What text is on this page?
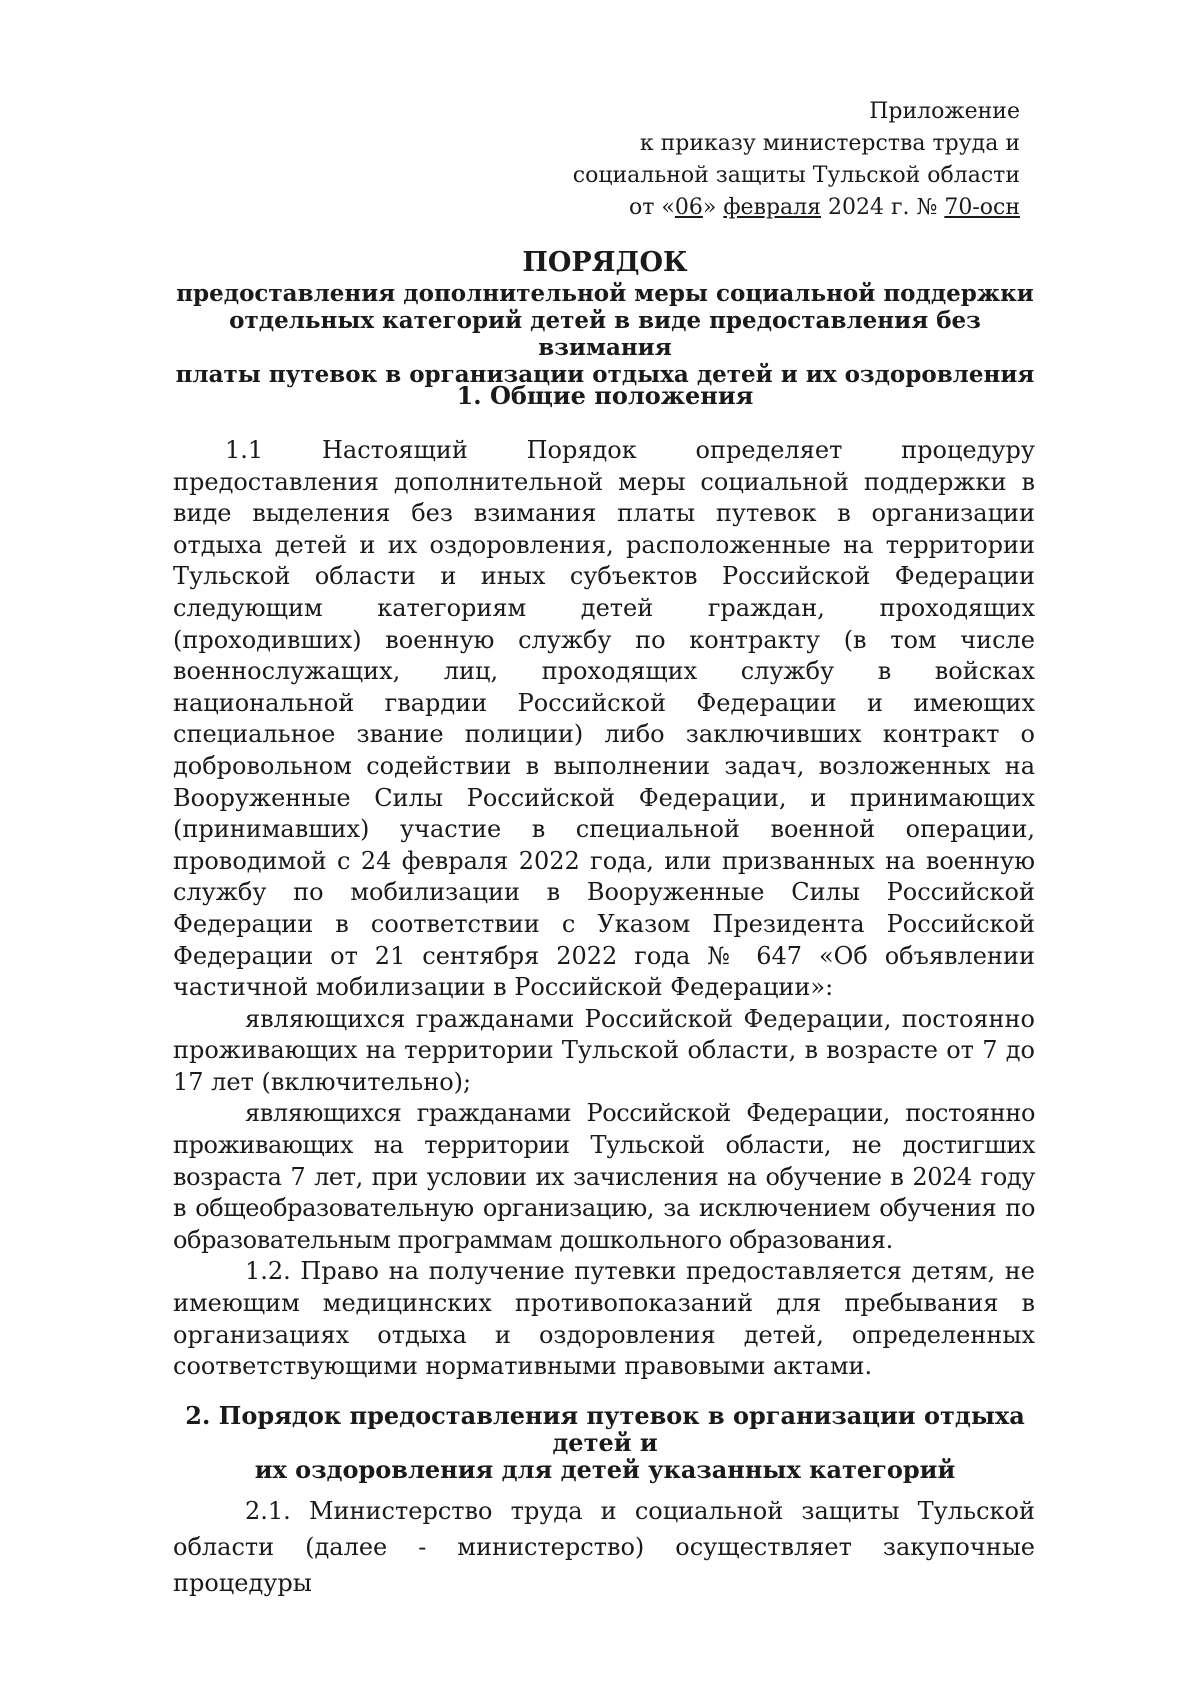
Приложение
к приказу министерства труда и
социальной защиты Тульской области
от «06» февраля 2024 г. № 70-осн
ПОРЯДОК
предоставления дополнительной меры социальной поддержки
отдельных категорий детей в виде предоставления без взимания
платы путевок в организации отдыха детей и их оздоровления
1. Общие положения

1.1 Настоящий Порядок определяет процедуру предоставления дополнительной меры социальной поддержки в виде выделения без взимания платы путевок в организации отдыха детей и их оздоровления, расположенные на территории Тульской области и иных субъектов Российской Федерации следующим категориям детей граждан, проходящих (проходивших) военную службу по контракту (в том числе военнослужащих, лиц, проходящих службу в войсках национальной гвардии Российской Федерации и имеющих специальное звание полиции) либо заключивших контракт о добровольном содействии в выполнении задач, возложенных на Вооруженные Силы Российской Федерации, и принимающих (принимавших) участие в специальной военной операции, проводимой с 24 февраля 2022 года, или призванных на военную службу по мобилизации в Вооруженные Силы Российской Федерации в соответствии с Указом Президента Российской Федерации от 21 сентября 2022 года № 647 «Об объявлении частичной мобилизации в Российской Федерации»:

являющихся гражданами Российской Федерации, постоянно проживающих на территории Тульской области, в возрасте от 7 до 17 лет (включительно);

являющихся гражданами Российской Федерации, постоянно проживающих на территории Тульской области, не достигших возраста 7 лет, при условии их зачисления на обучение в 2024 году в общеобразовательную организацию, за исключением обучения по образовательным программам дошкольного образования.

1.2. Право на получение путевки предоставляется детям, не имеющим медицинских противопоказаний для пребывания в организациях отдыха и оздоровления детей, определенных соответствующими нормативными правовыми актами.

2. Порядок предоставления путевок в организации отдыха детей и
их оздоровления для детей указанных категорий

2.1. Министерство труда и социальной защиты Тульской области (далее - министерство) осуществляет закупочные процедуры
